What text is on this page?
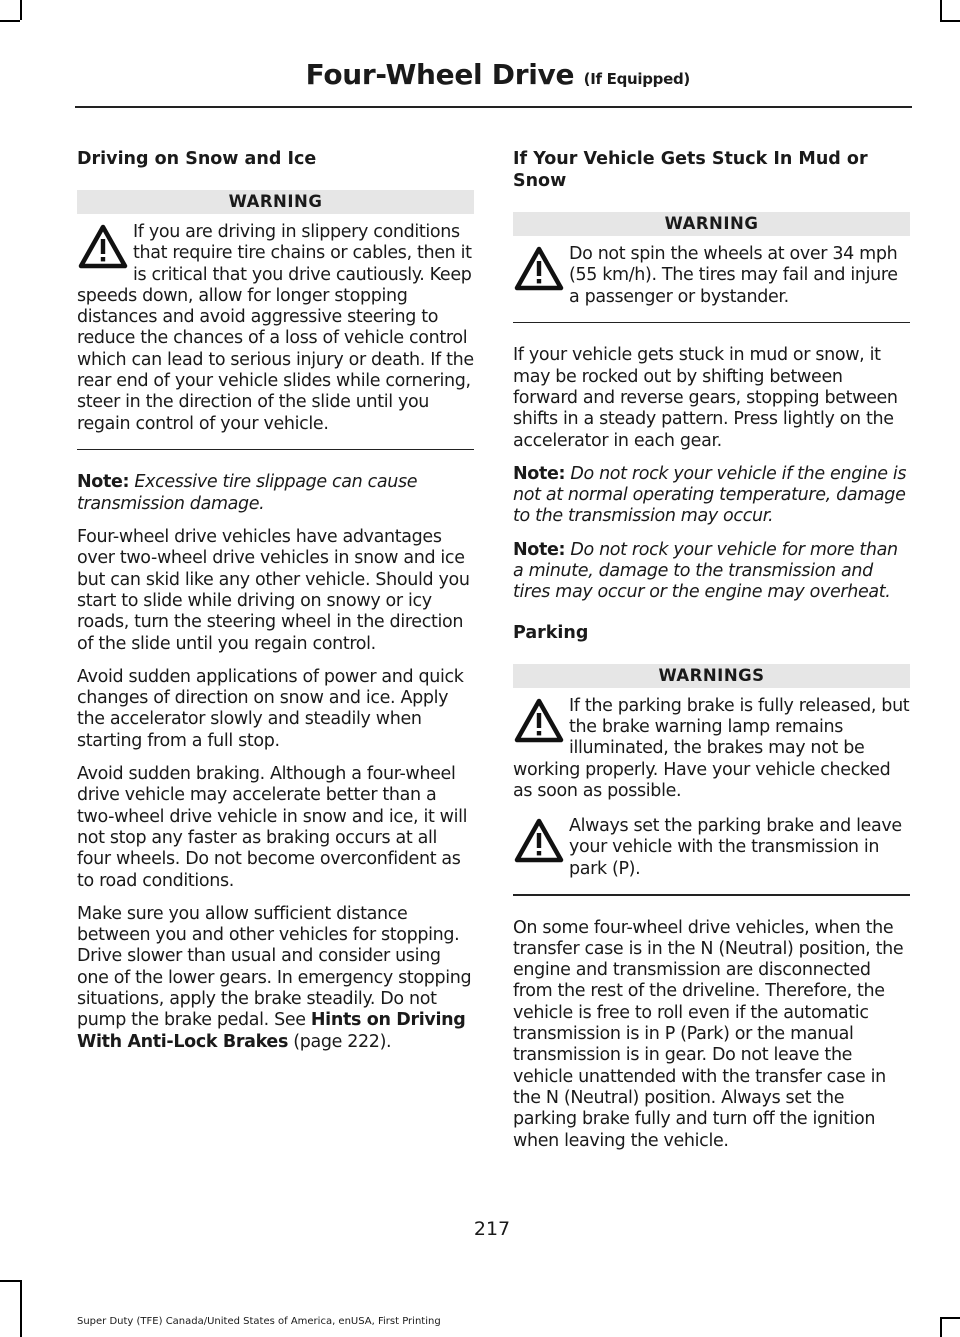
Four-Wheel Drive (If Equipped)
Driving on Snow and Ice
WARNING
If you are driving in slippery conditions that require tire chains or cables, then it is critical that you drive cautiously. Keep speeds down, allow for longer stopping distances and avoid aggressive steering to reduce the chances of a loss of vehicle control which can lead to serious injury or death. If the rear end of your vehicle slides while cornering, steer in the direction of the slide until you regain control of your vehicle.

Note: Excessive tire slippage can cause transmission damage.

Four-wheel drive vehicles have advantages over two-wheel drive vehicles in snow and ice but can skid like any other vehicle. Should you start to slide while driving on snowy or icy roads, turn the steering wheel in the direction of the slide until you regain control.

Avoid sudden applications of power and quick changes of direction on snow and ice. Apply the accelerator slowly and steadily when starting from a full stop.

Avoid sudden braking. Although a four-wheel drive vehicle may accelerate better than a two-wheel drive vehicle in snow and ice, it will not stop any faster as braking occurs at all four wheels. Do not become overconfident as to road conditions.

Make sure you allow sufficient distance between you and other vehicles for stopping. Drive slower than usual and consider using one of the lower gears. In emergency stopping situations, apply the brake steadily. Do not pump the brake pedal. See Hints on Driving With Anti-Lock Brakes (page 222).

If Your Vehicle Gets Stuck In Mud or Snow
WARNING
Do not spin the wheels at over 34 mph (55 km/h). The tires may fail and injure a passenger or bystander.

If your vehicle gets stuck in mud or snow, it may be rocked out by shifting between forward and reverse gears, stopping between shifts in a steady pattern. Press lightly on the accelerator in each gear.

Note: Do not rock your vehicle if the engine is not at normal operating temperature, damage to the transmission may occur.

Note: Do not rock your vehicle for more than a minute, damage to the transmission and tires may occur or the engine may overheat.

Parking
WARNINGS
If the parking brake is fully released, but the brake warning lamp remains illuminated, the brakes may not be working properly. Have your vehicle checked as soon as possible.
Always set the parking brake and leave your vehicle with the transmission in park (P).

On some four-wheel drive vehicles, when the transfer case is in the N (Neutral) position, the engine and transmission are disconnected from the rest of the driveline. Therefore, the vehicle is free to roll even if the automatic transmission is in P (Park) or the manual transmission is in gear. Do not leave the vehicle unattended with the transfer case in the N (Neutral) position. Always set the parking brake fully and turn off the ignition when leaving the vehicle.

217
Super Duty (TFE) Canada/United States of America, enUSA, First Printing
